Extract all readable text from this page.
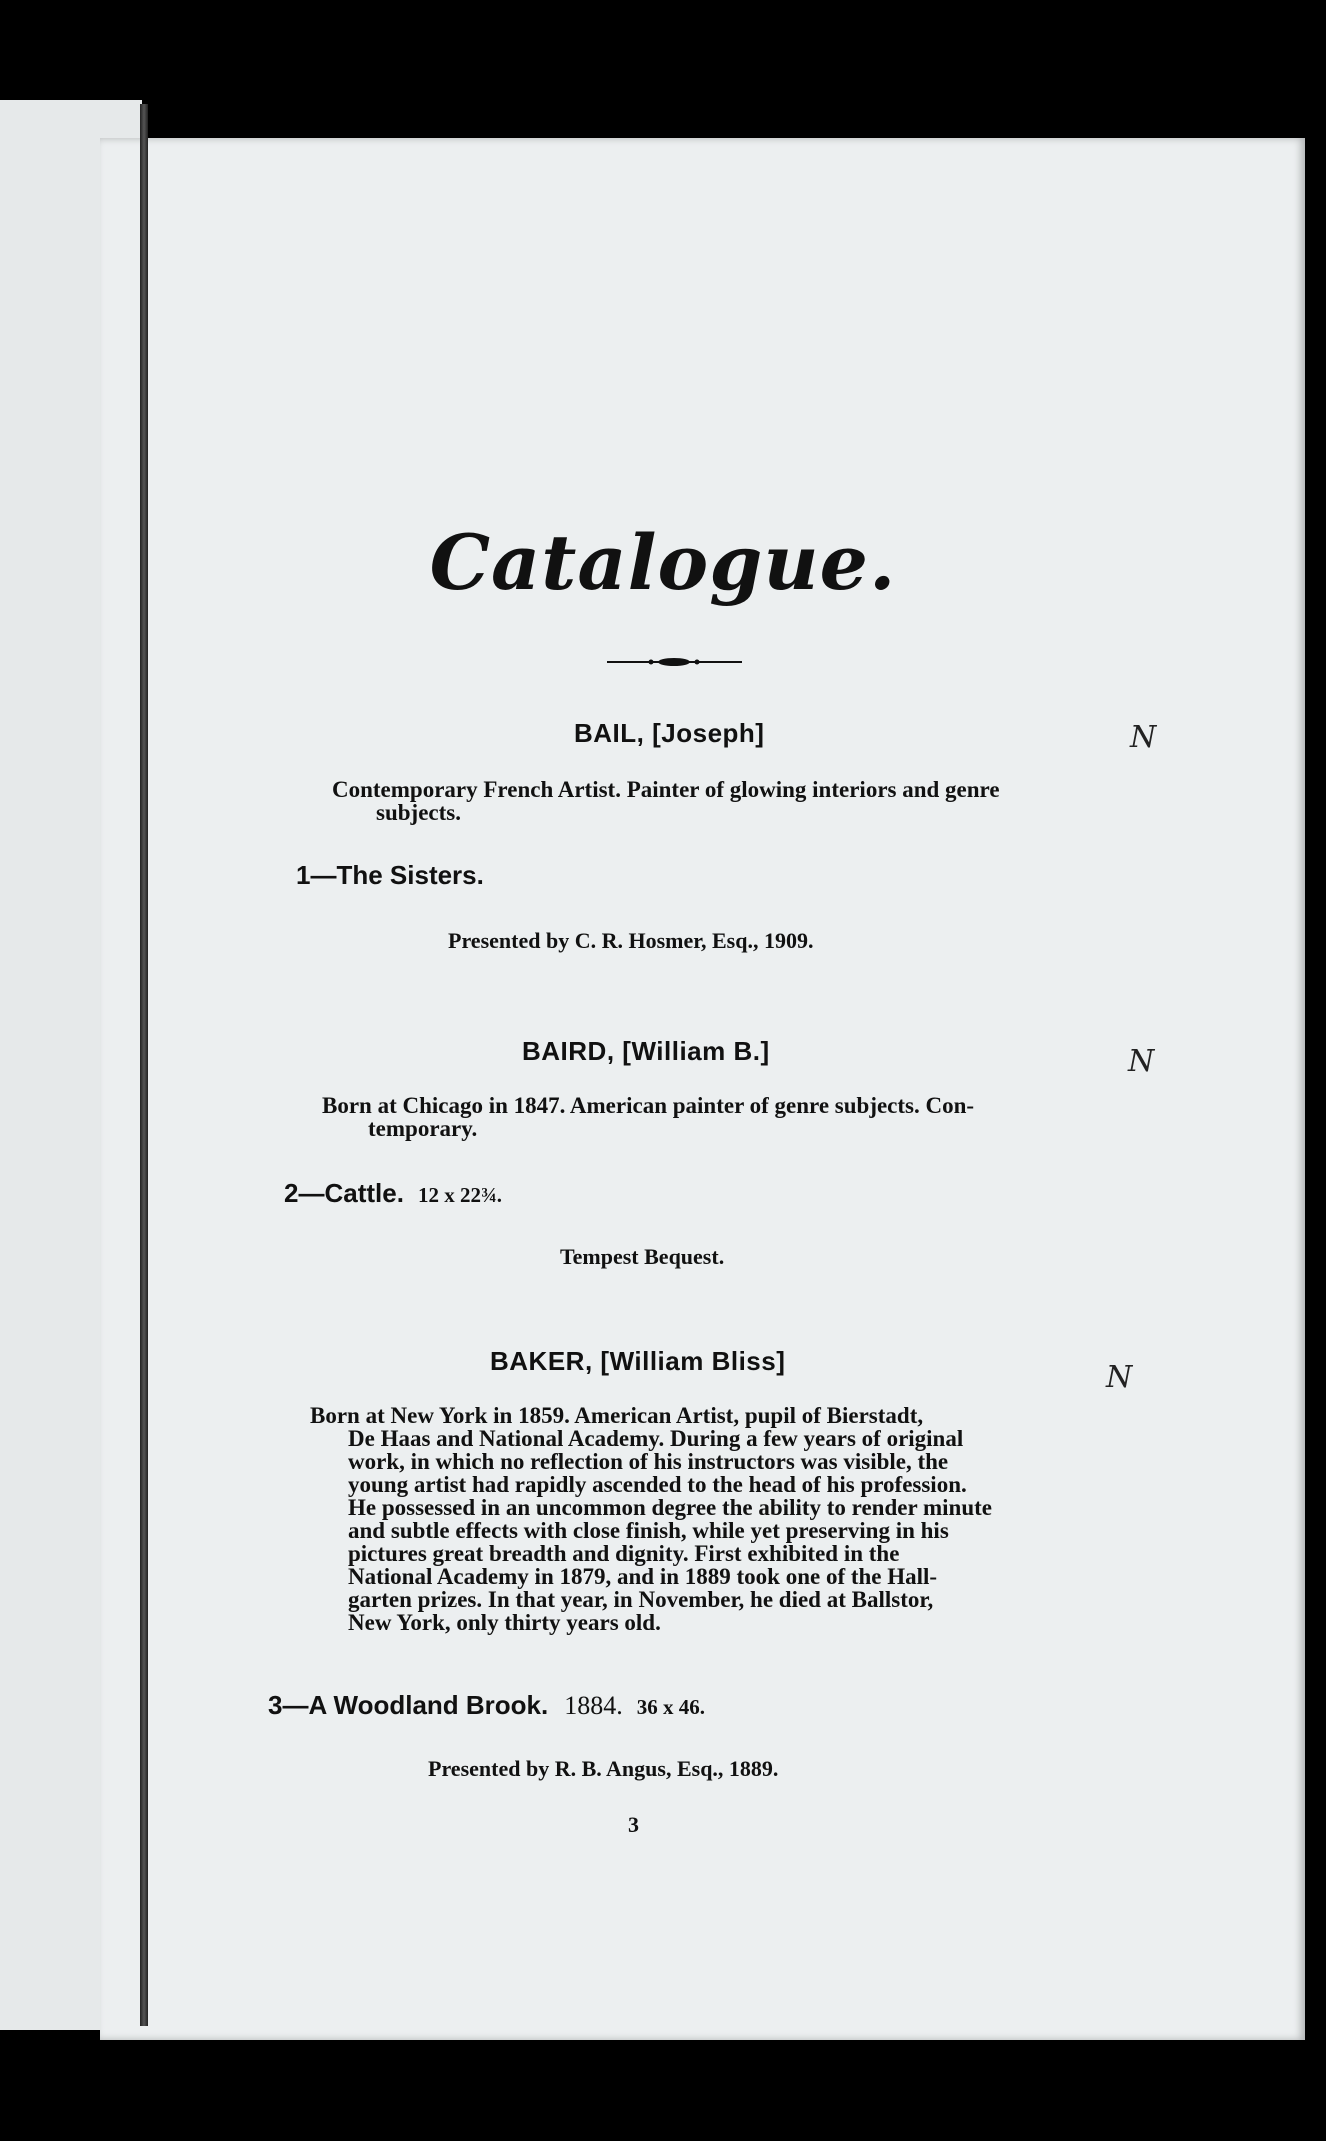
Catalogue.
BAIL, [Joseph]	N
Contemporary French Artist. Painter of glowing interiors and genre
subjects.
1—The Sisters.
Presented by C. R. Hosmer, Esq., 1909.
BAIRD, [William B.]	N
Born at Chicago in 1847. American painter of genre subjects. Con-
temporary.
2—Cattle. 12 x 22¾.
Tempest Bequest.
BAKER, [William Bliss]	N
Born at New York in 1859. American Artist, pupil of Bierstadt,
De Haas and National Academy. During a few years of original
work, in which no reflection of his instructors was visible, the
young artist had rapidly ascended to the head of his profession.
He possessed in an uncommon degree the ability to render minute
and subtle effects with close finish, while yet preserving in his
pictures great breadth and dignity. First exhibited in the
National Academy in 1879, and in 1889 took one of the Hall-
garten prizes. In that year, in November, he died at Ballstor,
New York, only thirty years old.
3—A Woodland Brook. 1884. 36 x 46.
Presented by R. B. Angus, Esq., 1889.
3
